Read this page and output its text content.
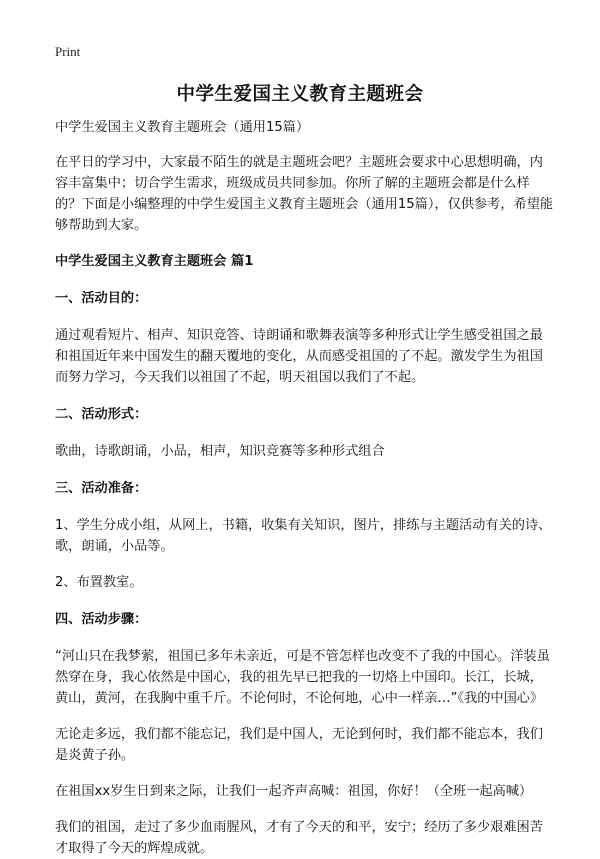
Print
中学生爱国主义教育主题班会

中学生爱国主义教育主题班会（通用15篇）

在平日的学习中，大家最不陌生的就是主题班会吧？主题班会要求中心思想明确，内容丰富集中；切合学生需求，班级成员共同参加。你所了解的主题班会都是什么样的？下面是小编整理的中学生爱国主义教育主题班会（通用15篇），仅供参考，希望能够帮助到大家。

中学生爱国主义教育主题班会 篇1

一、活动目的：

通过观看短片、相声、知识竞答、诗朗诵和歌舞表演等多种形式让学生感受祖国之最和祖国近年来中国发生的翻天覆地的变化，从而感受祖国的了不起。激发学生为祖国而努力学习，今天我们以祖国了不起，明天祖国以我们了不起。

二、活动形式：

歌曲，诗歌朗诵，小品，相声，知识竞赛等多种形式组合

三、活动准备：

1、学生分成小组，从网上，书籍，收集有关知识，图片，排练与主题活动有关的诗、歌，朗诵，小品等。

2、布置教室。

四、活动步骤：

“河山只在我梦萦，祖国已多年未亲近，可是不管怎样也改变不了我的中国心。洋装虽然穿在身，我心依然是中国心，我的祖先早已把我的一切烙上中国印。长江，长城，黄山，黄河，在我胸中重千斤。不论何时，不论何地，心中一样亲…”《我的中国心》

无论走多远，我们都不能忘记，我们是中国人，无论到何时，我们都不能忘本，我们是炎黄子孙。

在祖国xx岁生日到来之际，让我们一起齐声高喊：祖国，你好！（全班一起高喊）

我们的祖国，走过了多少血雨腥风，才有了今天的和平，安宁；经历了多少艰难困苦才取得了今天的辉煌成就。
